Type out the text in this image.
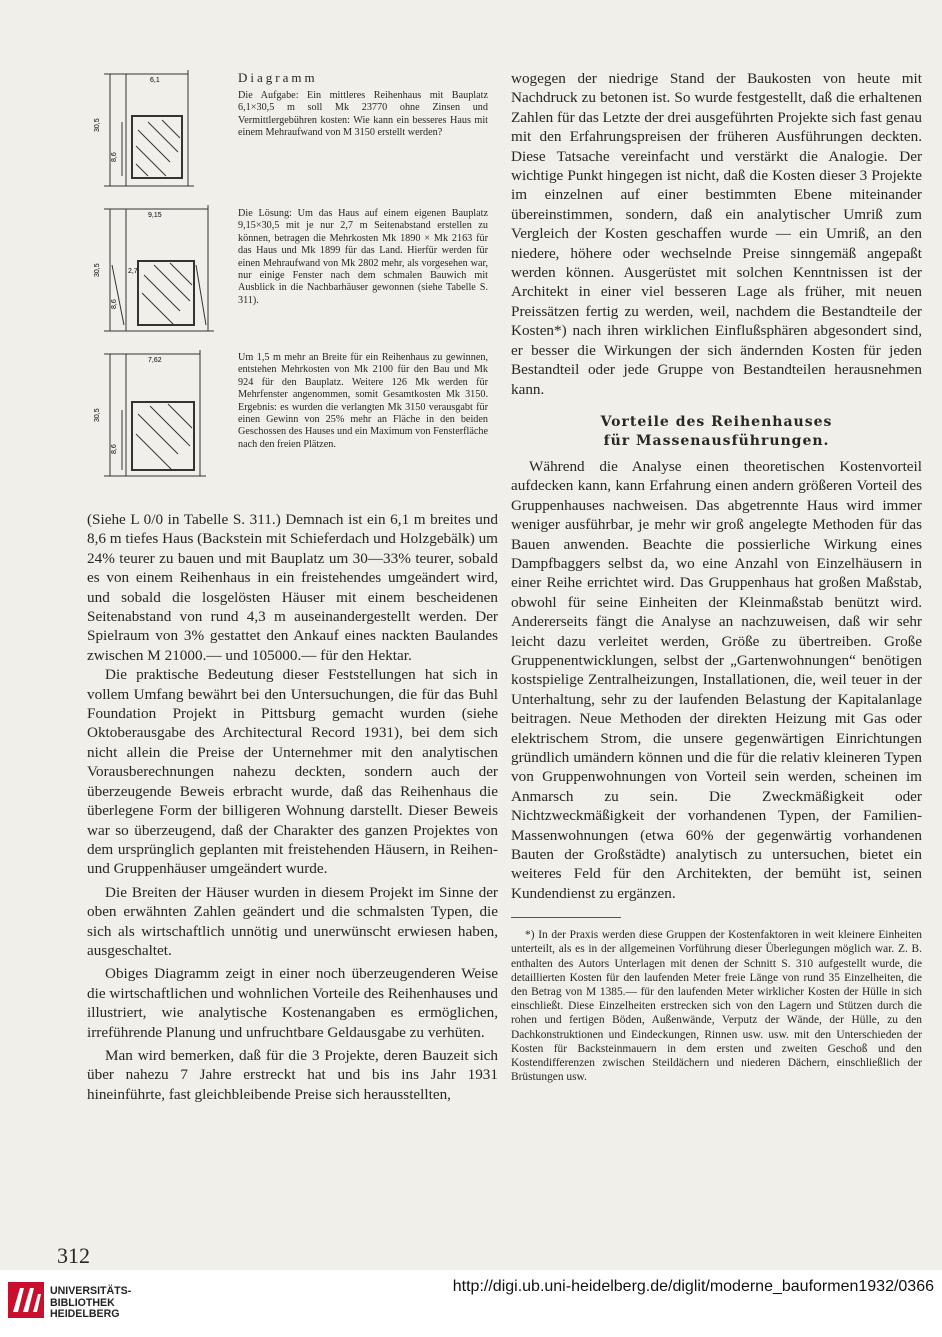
6,1
30,5
8,6

Diagramm

Die Aufgabe: Ein mittleres Reihenhaus mit Bauplatz 6,1×30,5 m soll Mk 23770 ohne Zinsen und Vermittlergebühren kosten: Wie kann ein besseres Haus mit einem Mehraufwand von M 3150 erstellt werden?

9,15
30,5
8,6
2,7

Die Lösung: Um das Haus auf einem eigenen Bauplatz 9,15×30,5 mit je nur 2,7 m Seitenabstand erstellen zu können, betragen die Mehrkosten Mk 1890 × Mk 2163 für das Haus und Mk 1899 für das Land. Hierfür werden für einen Mehraufwand von Mk 2802 mehr, als vorgesehen war, nur einige Fenster nach dem schmalen Bauwich mit Ausblick in die Nachbarhäuser gewonnen (siehe Tabelle S. 311).

7,62
30,5
8,6

Um 1,5 m mehr an Breite für ein Reihenhaus zu gewinnen, entstehen Mehrkosten von Mk 2100 für den Bau und Mk 924 für den Bauplatz. Weitere 126 Mk werden für Mehrfenster angenommen, somit Gesamtkosten Mk 3150. Ergebnis: es wurden die verlangten Mk 3150 verausgabt für einen Gewinn von 25% mehr an Fläche in den beiden Geschossen des Hauses und ein Maximum von Fensterfläche nach den freien Plätzen.

(Siehe L 0/0 in Tabelle S. 311.) Demnach ist ein 6,1 m breites und 8,6 m tiefes Haus (Backstein mit Schieferdach und Holzgebälk) um 24% teurer zu bauen und mit Bauplatz um 30—33% teurer, sobald es von einem Reihenhaus in ein freistehendes umgeändert wird, und sobald die losgelösten Häuser mit einem bescheidenen Seitenabstand von rund 4,3 m auseinandergestellt werden. Der Spielraum von 3% gestattet den Ankauf eines nackten Baulandes zwischen M 21000.— und 105000.— für den Hektar.

Die praktische Bedeutung dieser Feststellungen hat sich in vollem Umfang bewährt bei den Untersuchungen, die für das Buhl Foundation Projekt in Pittsburg gemacht wurden (siehe Oktoberausgabe des Architectural Record 1931), bei dem sich nicht allein die Preise der Unternehmer mit den analytischen Vorausberechnungen nahezu deckten, sondern auch der überzeugende Beweis erbracht wurde, daß das Reihenhaus die überlegene Form der billigeren Wohnung darstellt. Dieser Beweis war so überzeugend, daß der Charakter des ganzen Projektes von dem ursprünglich geplanten mit freistehenden Häusern, in Reihen- und Gruppenhäuser umgeändert wurde.

Die Breiten der Häuser wurden in diesem Projekt im Sinne der oben erwähnten Zahlen geändert und die schmalsten Typen, die sich als wirtschaftlich unnötig und unerwünscht erwiesen haben, ausgeschaltet.

Obiges Diagramm zeigt in einer noch überzeugenderen Weise die wirtschaftlichen und wohnlichen Vorteile des Reihenhauses und illustriert, wie analytische Kostenangaben es ermöglichen, irreführende Planung und unfruchtbare Geldausgabe zu verhüten.

Man wird bemerken, daß für die 3 Projekte, deren Bauzeit sich über nahezu 7 Jahre erstreckt hat und bis ins Jahr 1931 hineinführte, fast gleichbleibende Preise sich herausstellten,

wogegen der niedrige Stand der Baukosten von heute mit Nachdruck zu betonen ist. So wurde festgestellt, daß die erhaltenen Zahlen für das Letzte der drei ausgeführten Projekte sich fast genau mit den Erfahrungspreisen der früheren Ausführungen deckten. Diese Tatsache vereinfacht und verstärkt die Analogie. Der wichtige Punkt hingegen ist nicht, daß die Kosten dieser 3 Projekte im einzelnen auf einer bestimmten Ebene miteinander übereinstimmen, sondern, daß ein analytischer Umriß zum Vergleich der Kosten geschaffen wurde — ein Umriß, an den niedere, höhere oder wechselnde Preise sinngemäß angepaßt werden können. Ausgerüstet mit solchen Kenntnissen ist der Architekt in einer viel besseren Lage als früher, mit neuen Preissätzen fertig zu werden, weil, nachdem die Bestandteile der Kosten*) nach ihren wirklichen Einflußsphären abgesondert sind, er besser die Wirkungen der sich ändernden Kosten für jeden Bestandteil oder jede Gruppe von Bestandteilen herausnehmen kann.

Vorteile des Reihenhauses

für Massenausführungen.

Während die Analyse einen theoretischen Kostenvorteil aufdecken kann, kann Erfahrung einen andern größeren Vorteil des Gruppenhauses nachweisen. Das abgetrennte Haus wird immer weniger ausführbar, je mehr wir groß angelegte Methoden für das Bauen anwenden. Beachte die possierliche Wirkung eines Dampfbaggers selbst da, wo eine Anzahl von Einzelhäusern in einer Reihe errichtet wird. Das Gruppenhaus hat großen Maßstab, obwohl für seine Einheiten der Kleinmaßstab benützt wird. Andererseits fängt die Analyse an nachzuweisen, daß wir sehr leicht dazu verleitet werden, Größe zu übertreiben. Große Gruppenentwicklungen, selbst der „Gartenwohnungen“ benötigen kostspielige Zentralheizungen, Installationen, die, weil teuer in der Unterhaltung, sehr zu der laufenden Belastung der Kapitalanlage beitragen. Neue Methoden der direkten Heizung mit Gas oder elektrischem Strom, die unsere gegenwärtigen Einrichtungen gründlich umändern können und die für die relativ kleineren Typen von Gruppenwohnungen von Vorteil sein werden, scheinen im Anmarsch zu sein. Die Zweckmäßigkeit oder Nichtzweckmäßigkeit der vorhandenen Typen, der Familien-Massenwohnungen (etwa 60% der gegenwärtig vorhandenen Bauten der Großstädte) analytisch zu untersuchen, bietet ein weiteres Feld für den Architekten, der bemüht ist, seinen Kundendienst zu ergänzen.

*) In der Praxis werden diese Gruppen der Kostenfaktoren in weit kleinere Einheiten unterteilt, als es in der allgemeinen Vorführung dieser Überlegungen möglich war. Z. B. enthalten des Autors Unterlagen mit denen der Schnitt S. 310 aufgestellt wurde, die detaillierten Kosten für den laufenden Meter freie Länge von rund 35 Einzelheiten, die den Betrag von M 1385.— für den laufenden Meter wirklicher Kosten der Hülle in sich einschließt. Diese Einzelheiten erstrecken sich von den Lagern und Stützen durch die rohen und fertigen Böden, Außenwände, Verputz der Wände, der Hülle, zu den Dachkonstruktionen und Eindeckungen, Rinnen usw. usw. mit den Unterschieden der Kosten für Backsteinmauern in dem ersten und zweiten Geschoß und den Kostendifferenzen zwischen Steildächern und niederen Dächern, einschließlich der Brüstungen usw.

312
UNIVERSITÄTS-
BIBLIOTHEK
HEIDELBERG
http://digi.ub.uni-heidelberg.de/diglit/moderne_bauformen1932/0366
